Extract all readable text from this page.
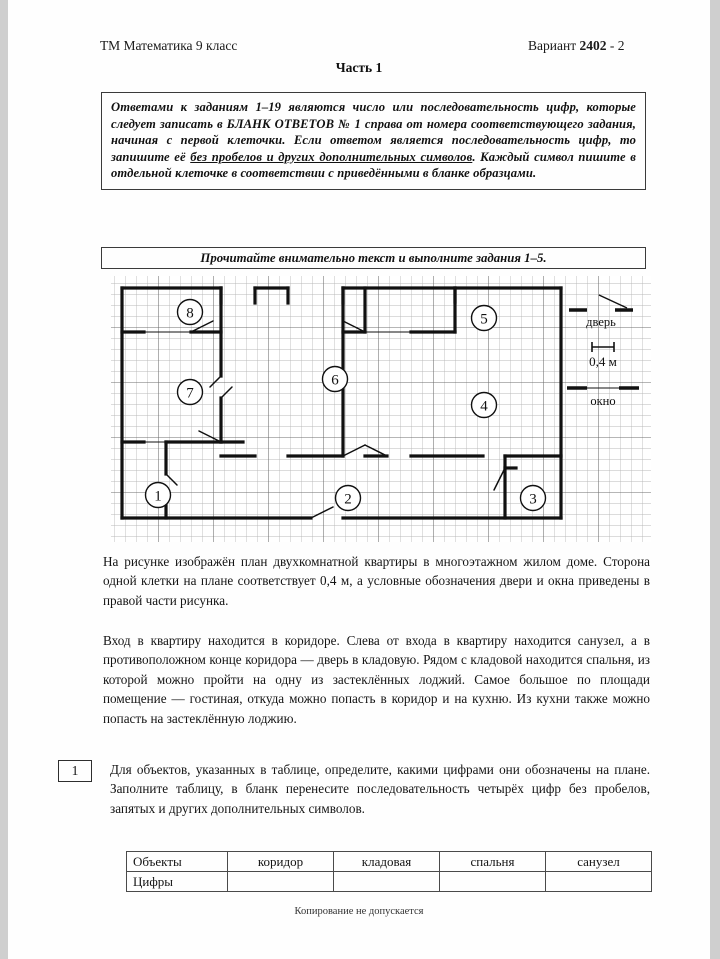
ТМ Математика 9 класс	Вариант 2402 - 2
Часть 1

Ответами к заданиям 1–19 являются число или последовательность цифр, которые следует записать в БЛАНК ОТВЕТОВ № 1 справа от номера соответствующего задания, начиная с первой клеточки. Если ответом является последовательность цифр, то запишите её без пробелов и других дополнительных символов. Каждый символ пишите в отдельной клеточке в соответствии с приведёнными в бланке образцами.

Прочитайте внимательно текст и выполните задания 1–5.
8
7
6
5
4
1	2	3
дверь
0,4 м
окно
На рисунке изображён план двухкомнатной квартиры в многоэтажном жилом доме. Сторона одной клетки на плане соответствует 0,4 м, а условные обозначения двери и окна приведены в правой части рисунка.
Вход в квартиру находится в коридоре. Слева от входа в квартиру находится санузел, а в противоположном конце коридора — дверь в кладовую. Рядом с кладовой находится спальня, из которой можно пройти на одну из застеклённых лоджий. Самое большое по площади помещение — гостиная, откуда можно попасть в коридор и на кухню. Из кухни также можно попасть на застеклённую лоджию.
1	Для объектов, указанных в таблице, определите, какими цифрами они обозначены на плане. Заполните таблицу, в бланк перенесите последовательность четырёх цифр без пробелов, запятых и других дополнительных символов.
Объекты	коридор	кладовая	спальня	санузел
Цифры				
Копирование не допускается
